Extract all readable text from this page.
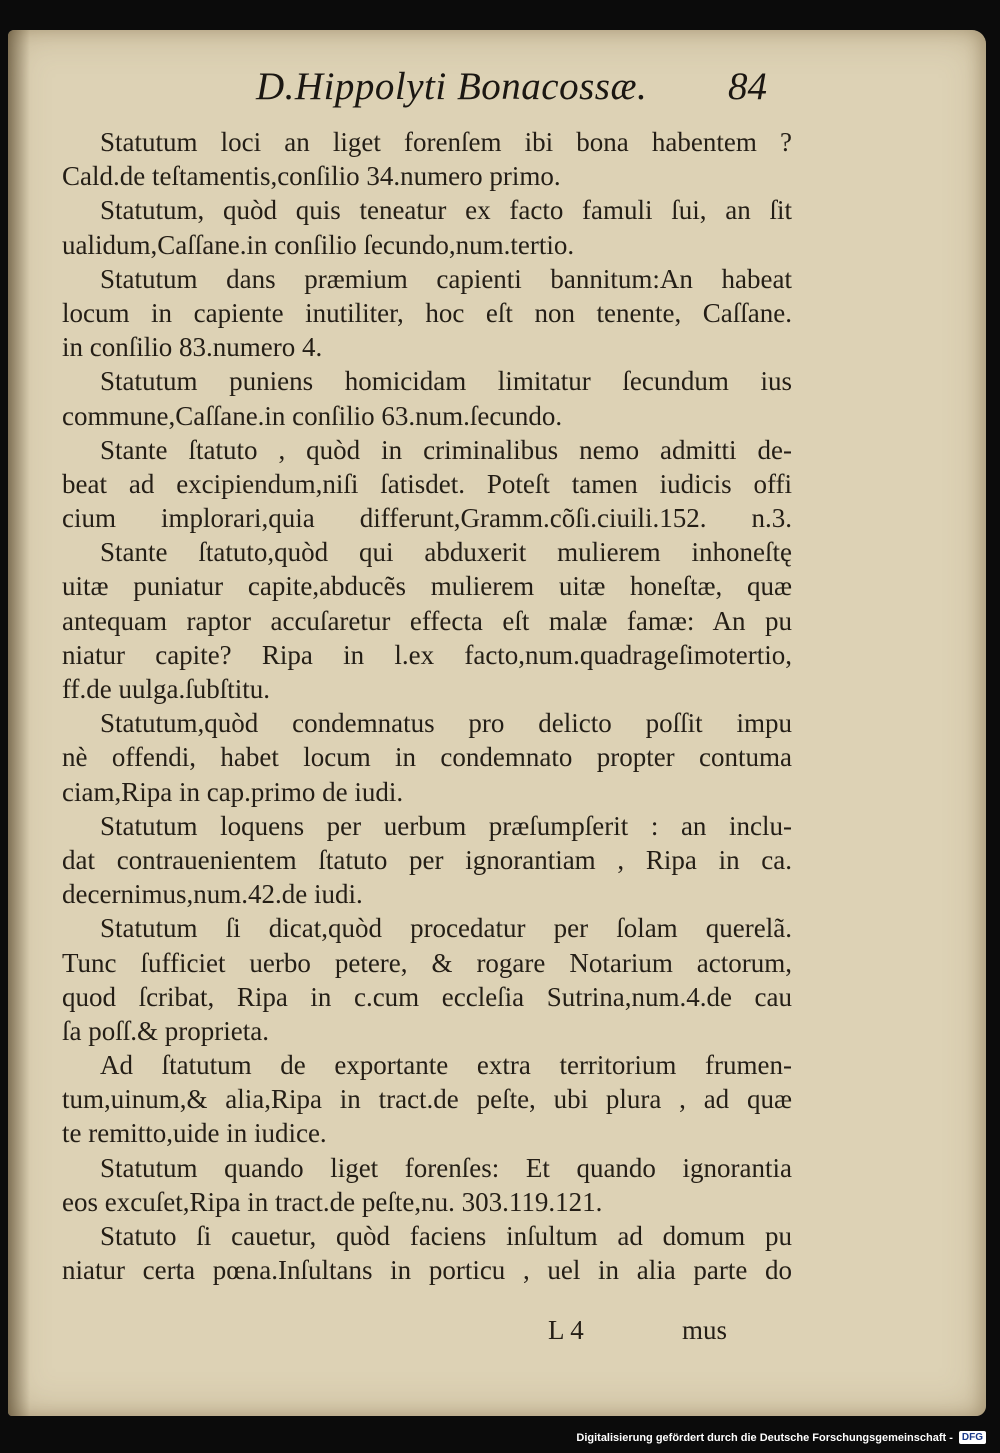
D.Hippolyti Bonacossæ. 84
Statutum loci an liget forenſem ibi bona habentem ?
Cald.de teſtamentis,conſilio 34.numero primo.
Statutum, quòd quis teneatur ex facto famuli ſui, an ſit
ualidum,Caſſane.in conſilio ſecundo,num.tertio.
Statutum dans præmium capienti bannitum:An habeat
locum in capiente inutiliter, hoc eſt non tenente, Caſſane.
in conſilio 83.numero 4.
Statutum puniens homicidam limitatur ſecundum ius
commune,Caſſane.in conſilio 63.num.ſecundo.
Stante ſtatuto , quòd in criminalibus nemo admitti de-
beat ad excipiendum,niſi ſatisdet. Poteſt tamen iudicis offi
cium implorari,quia differunt,Gramm.cõſi.ciuili.152. n.3.
Stante ſtatuto,quòd qui abduxerit mulierem inhoneſtę
uitæ puniatur capite,abducẽs mulierem uitæ honeſtæ, quæ
antequam raptor accuſaretur effecta eſt malæ famæ: An pu
niatur capite? Ripa in l.ex facto,num.quadrageſimotertio,
ff.de uulga.ſubſtitu.
Statutum,quòd condemnatus pro delicto poſſit impu
nè offendi, habet locum in condemnato propter contuma
ciam,Ripa in cap.primo de iudi.
Statutum loquens per uerbum præſumpſerit : an inclu-
dat contrauenientem ſtatuto per ignorantiam , Ripa in ca.
decernimus,num.42.de iudi.
Statutum ſi dicat,quòd procedatur per ſolam querelã.
Tunc ſufficiet uerbo petere, & rogare Notarium actorum,
quod ſcribat, Ripa in c.cum eccleſia Sutrina,num.4.de cau
ſa poſſ.& proprieta.
Ad ſtatutum de exportante extra territorium frumen-
tum,uinum,& alia,Ripa in tract.de peſte, ubi plura , ad quæ
te remitto,uide in iudice.
Statutum quando liget forenſes: Et quando ignorantia
eos excuſet,Ripa in tract.de peſte,nu. 303.119.121.
Statuto ſi cauetur, quòd faciens inſultum ad domum pu
niatur certa pœna.Inſultans in porticu , uel in alia parte do
L 4	mus
Digitalisierung gefördert durch die Deutsche Forschungsgemeinschaft - DFG
